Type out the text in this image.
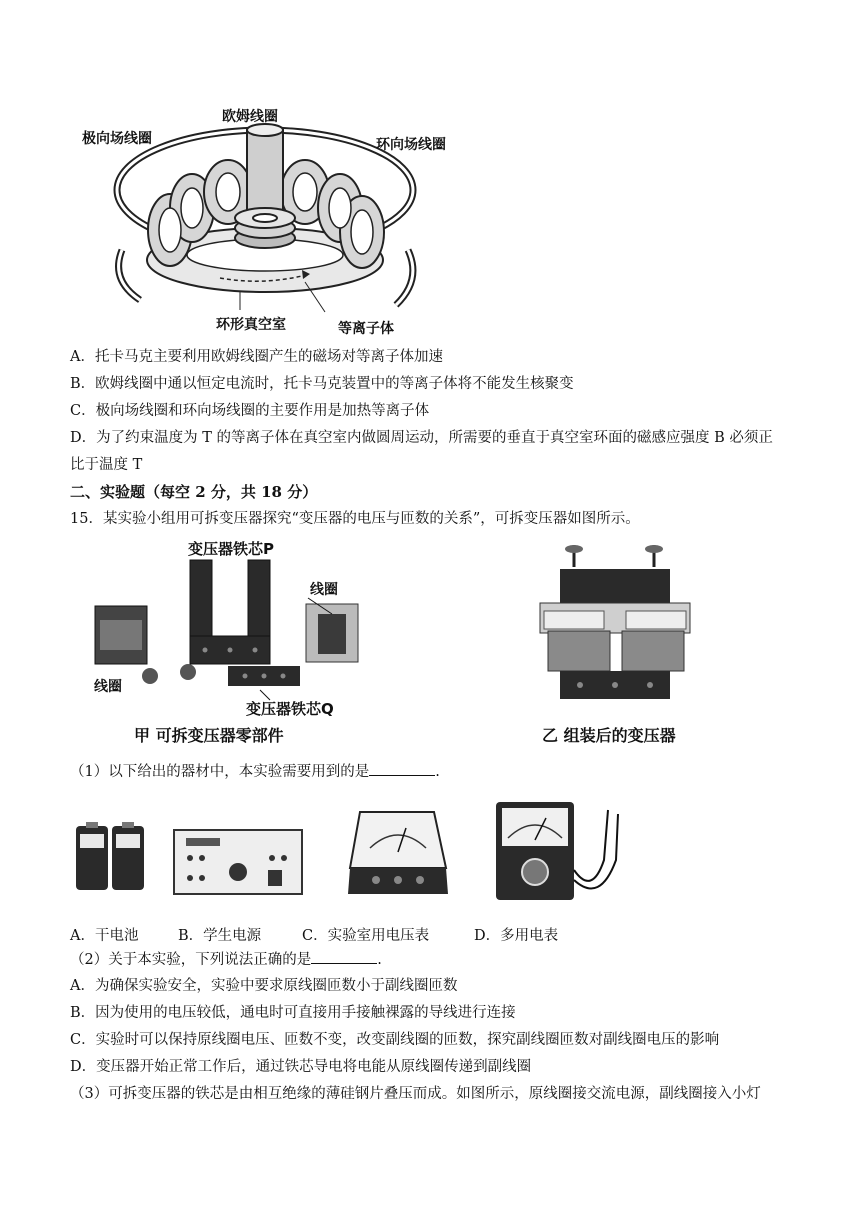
极向场线圈
欧姆线圈
环向场线圈
环形真空室	等离子体
A．托卡马克主要利用欧姆线圈产生的磁场对等离子体加速
B．欧姆线圈中通以恒定电流时，托卡马克装置中的等离子体将不能发生核聚变
C．极向场线圈和环向场线圈的主要作用是加热等离子体
D．为了约束温度为 T 的等离子体在真空室内做圆周运动，所需要的垂直于真空室环面的磁感应强度 B 必须正
比于温度 T
二、实验题（每空 2 分，共 18 分）
15．某实验小组用可拆变压器探究“变压器的电压与匝数的关系”，可拆变压器如图所示。
变压器铁芯P
线圈
线圈
变压器铁芯Q
甲 可拆变压器零部件	乙 组装后的变压器
（1）以下给出的器材中，本实验需要用到的是	.
A．干电池	B．学生电源	C．实验室用电压表	D．多用电表
（2）关于本实验，下列说法正确的是	.
A．为确保实验安全，实验中要求原线圈匝数小于副线圈匝数
B．因为使用的电压较低，通电时可直接用手接触裸露的导线进行连接
C．实验时可以保持原线圈电压、匝数不变，改变副线圈的匝数，探究副线圈匝数对副线圈电压的影响
D．变压器开始正常工作后，通过铁芯导电将电能从原线圈传递到副线圈
（3）可拆变压器的铁芯是由相互绝缘的薄硅钢片叠压而成。如图所示，原线圈接交流电源，副线圈接入小灯
